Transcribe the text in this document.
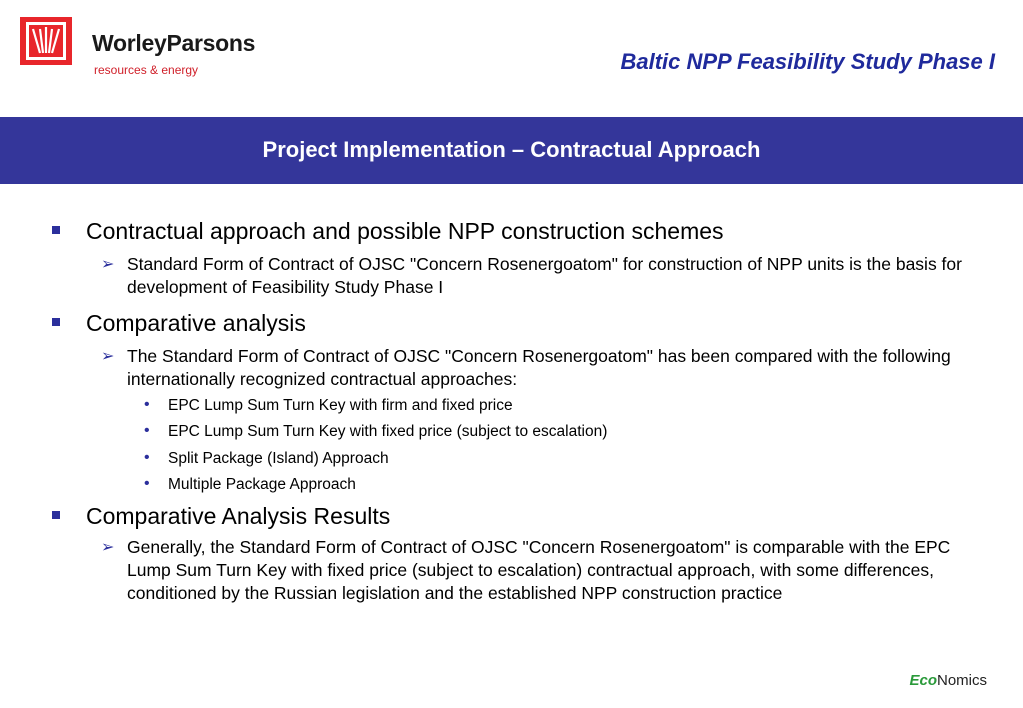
WorleyParsons
resources & energy	Baltic NPP Feasibility Study Phase I
Project Implementation – Contractual Approach
Contractual approach and possible NPP construction schemes
➢ Standard Form of Contract of OJSC "Concern Rosenergoatom" for construction of NPP units is the basis for development of Feasibility Study Phase I
Comparative analysis
➢ The Standard Form of Contract of OJSC "Concern Rosenergoatom" has been compared with the following internationally recognized contractual approaches:
• EPC Lump Sum Turn Key with firm and fixed price
• EPC Lump Sum Turn Key with fixed price (subject to escalation)
• Split Package (Island) Approach
• Multiple Package Approach
Comparative Analysis Results
➢ Generally, the Standard Form of Contract of OJSC "Concern Rosenergoatom" is comparable with the EPC Lump Sum Turn Key with fixed price (subject to escalation) contractual approach, with some differences, conditioned by the Russian legislation and the established NPP construction practice
EcoNomics
